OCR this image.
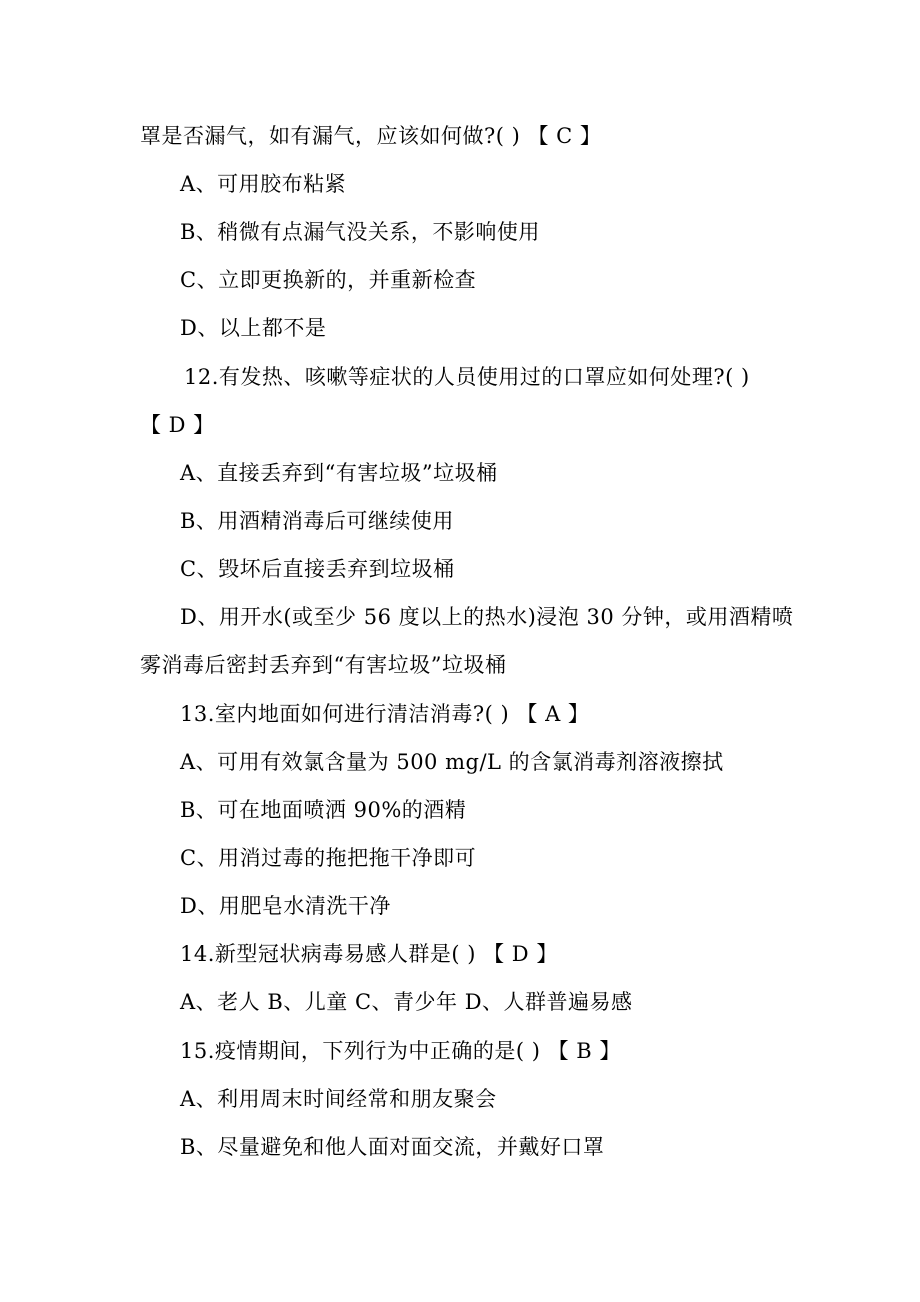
罩是否漏气，如有漏气，应该如何做?( ) 【 C 】
A、可用胶布粘紧
B、稍微有点漏气没关系，不影响使用
C、立即更换新的，并重新检查
D、以上都不是
12.有发热、咳嗽等症状的人员使用过的口罩应如何处理?( )
【 D 】
A、直接丢弃到“有害垃圾”垃圾桶
B、用酒精消毒后可继续使用
C、毁坏后直接丢弃到垃圾桶
D、用开水(或至少 56 度以上的热水)浸泡 30 分钟，或用酒精喷
雾消毒后密封丢弃到“有害垃圾”垃圾桶
13.室内地面如何进行清洁消毒?( ) 【 A 】
A、可用有效氯含量为 500 mg/L 的含氯消毒剂溶液擦拭
B、可在地面喷洒 90%的酒精
C、用消过毒的拖把拖干净即可
D、用肥皂水清洗干净
14.新型冠状病毒易感人群是( ) 【 D 】
A、老人 B、儿童 C、青少年 D、人群普遍易感
15.疫情期间，下列行为中正确的是( ) 【 B 】
A、利用周末时间经常和朋友聚会
B、尽量避免和他人面对面交流，并戴好口罩
